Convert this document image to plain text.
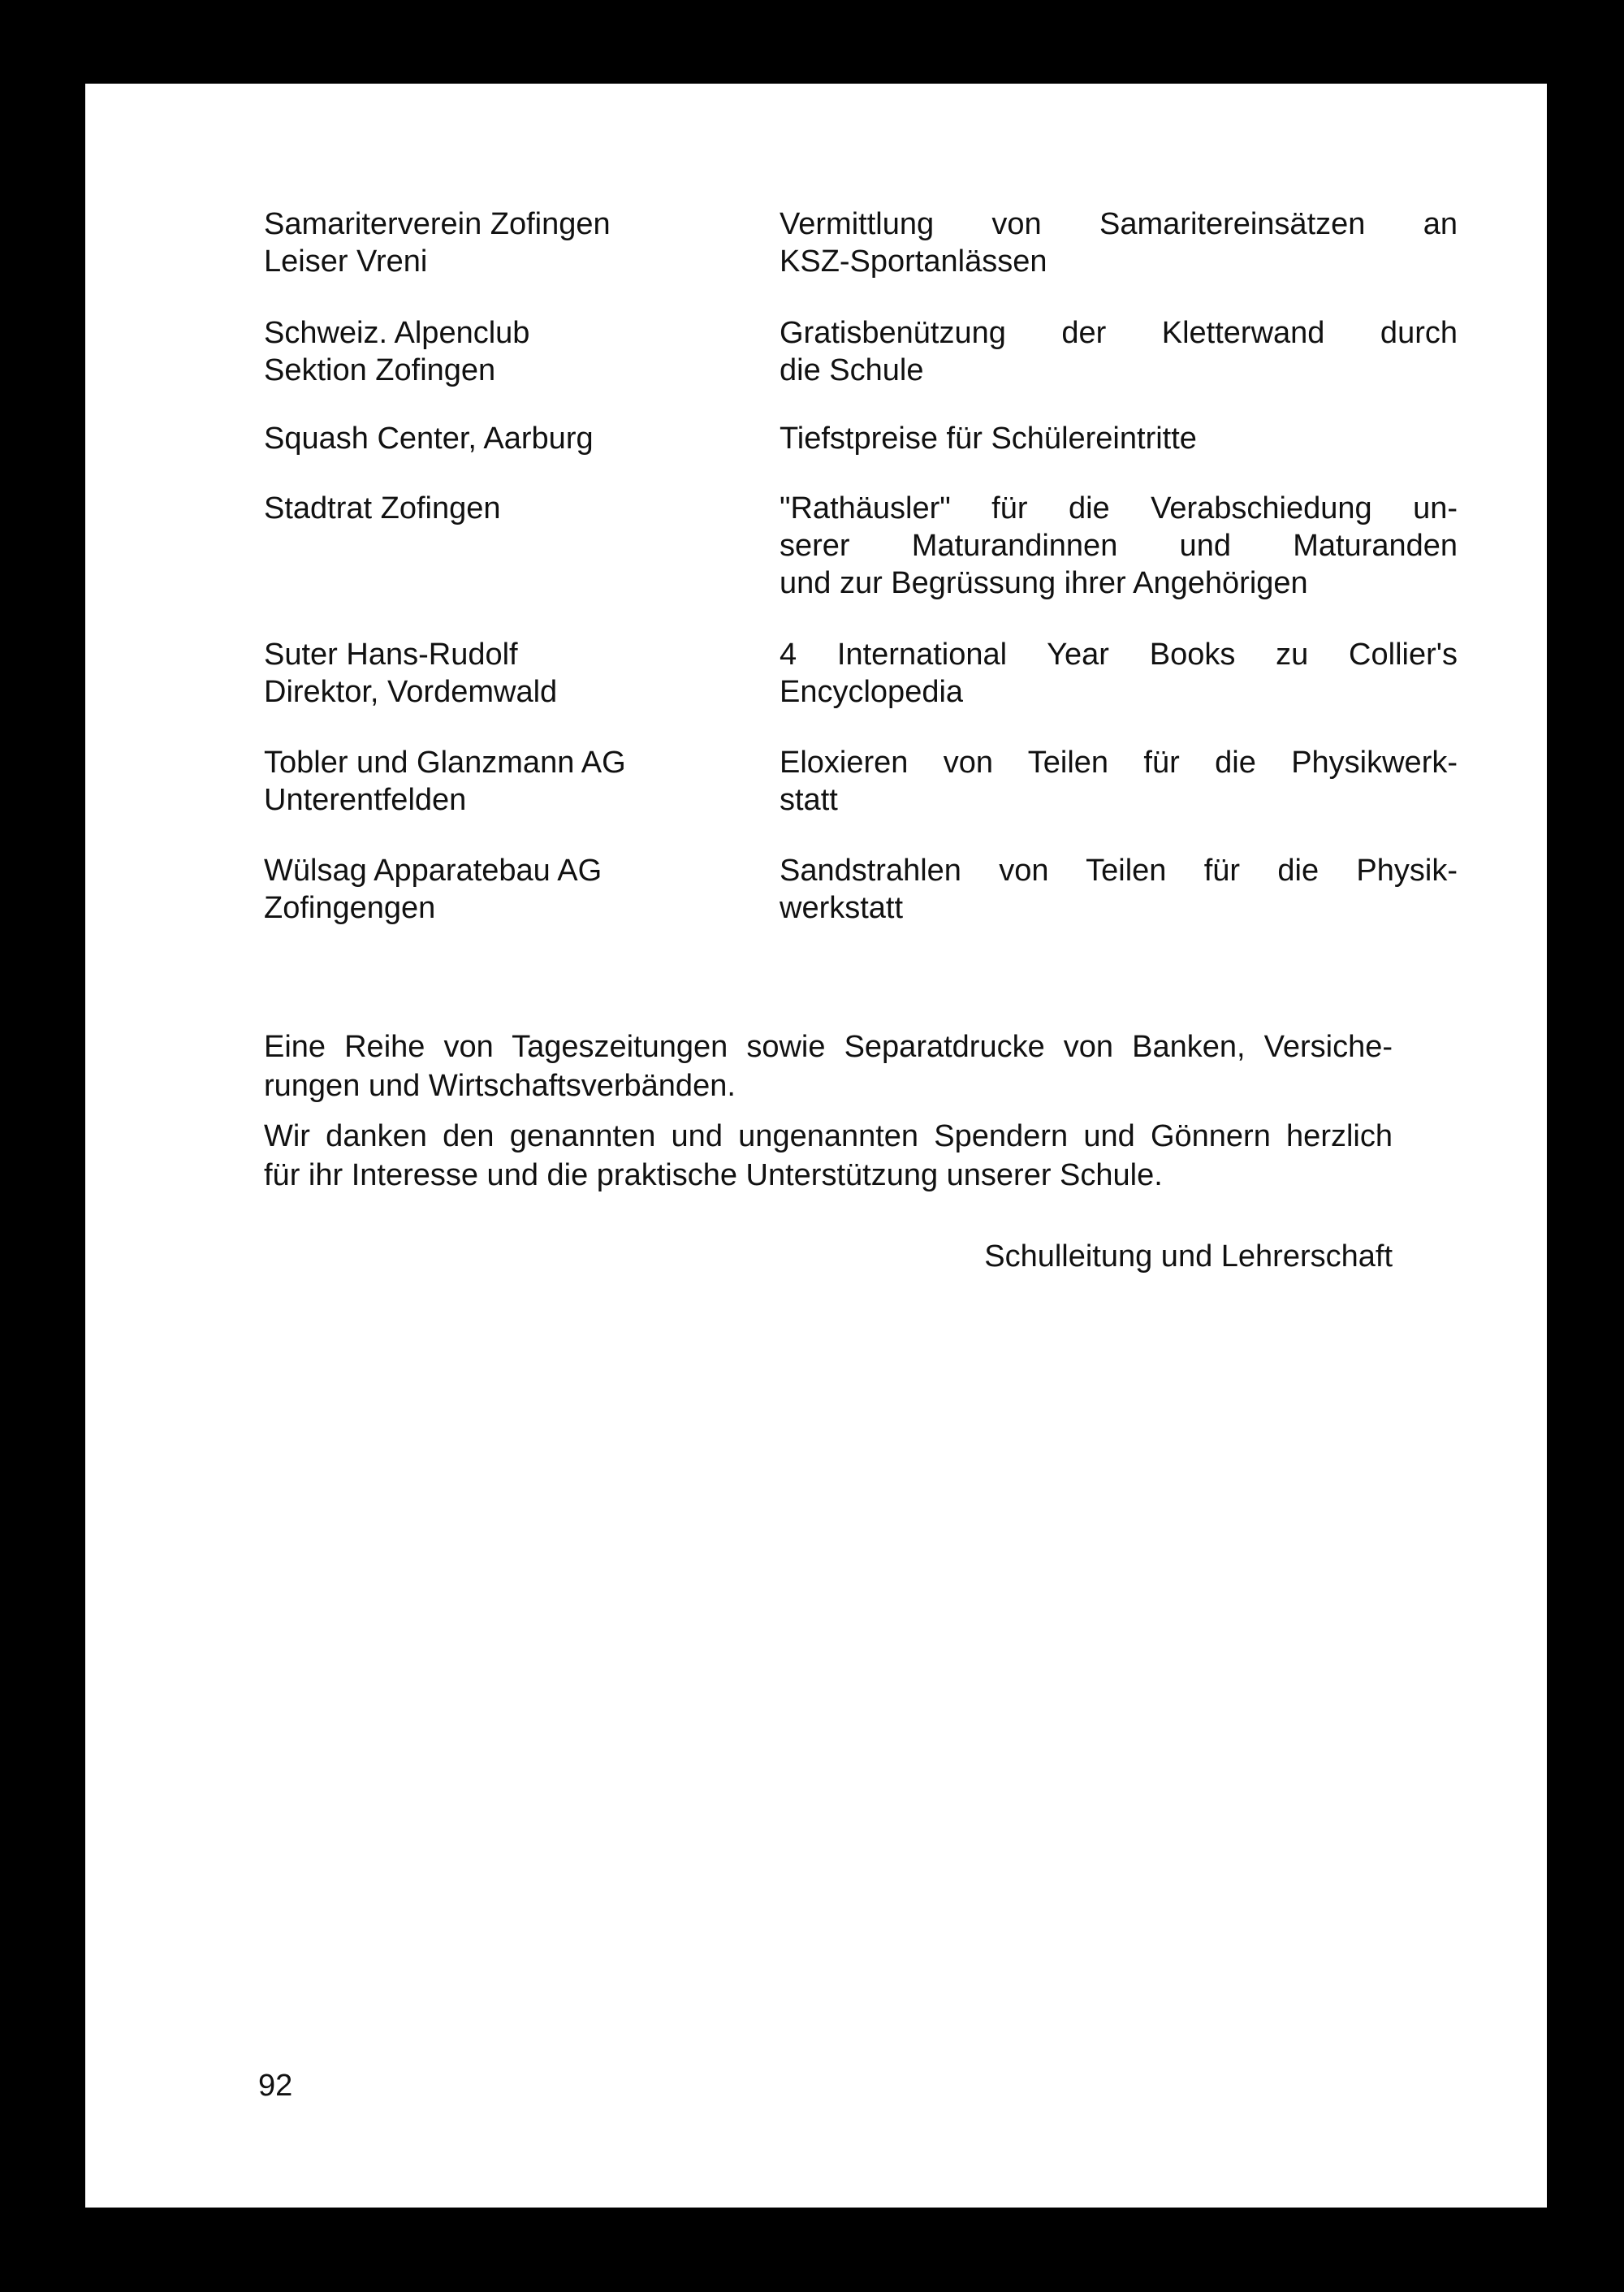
Samariterverein Zofingen
Leiser Vreni
Vermittlung von Samaritereinsätzen an
KSZ-Sportanlässen
Schweiz. Alpenclub
Sektion Zofingen
Gratisbenützung der Kletterwand durch
die Schule
Squash Center, Aarburg	Tiefstpreise für Schülereintritte
Stadtrat Zofingen	"Rathäusler" für die Verabschiedung un-
serer Maturandinnen und Maturanden
und zur Begrüssung ihrer Angehörigen
Suter Hans-Rudolf
Direktor, Vordemwald
4 International Year Books zu Collier's
Encyclopedia
Tobler und Glanzmann AG
Unterentfelden
Eloxieren von Teilen für die Physikwerk-
statt
Wülsag Apparatebau AG
Zofingengen
Sandstrahlen von Teilen für die Physik-
werkstatt
Eine Reihe von Tageszeitungen sowie Separatdrucke von Banken, Versiche-
rungen und Wirtschaftsverbänden.
Wir danken den genannten und ungenannten Spendern und Gönnern herzlich
für ihr Interesse und die praktische Unterstützung unserer Schule.
Schulleitung und Lehrerschaft
92
